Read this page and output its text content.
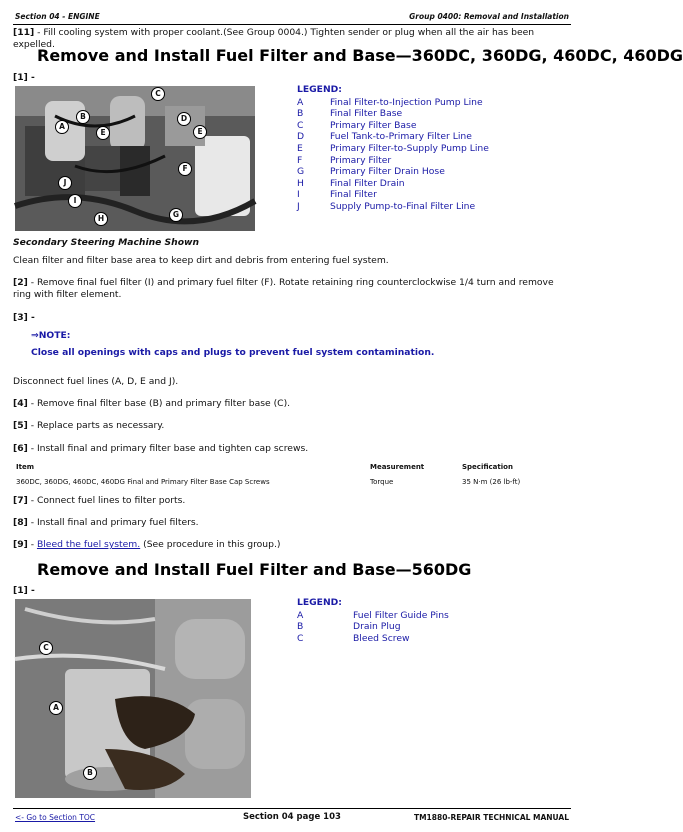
Section 04 - ENGINE	Group 0400: Removal and Installation
[11] - Fill cooling system with proper coolant.(See Group 0004.) Tighten sender or plug when all the air has been expelled.
Remove and Install Fuel Filter and Base—360DC, 360DG, 460DC, 460DG
[1] -
C
B
A
D
E	E
F
J
I
H	G
LEGEND:
A	Final Filter-to-Injection Pump Line
B	Final Filter Base
C	Primary Filter Base
D	Fuel Tank-to-Primary Filter Line
E	Primary Filter-to-Supply Pump Line
F	Primary Filter
G	Primary Filter Drain Hose
H	Final Filter Drain
I	Final Filter
J	Supply Pump-to-Final Filter Line
Secondary Steering Machine Shown
Clean filter and filter base area to keep dirt and debris from entering fuel system.
[2] - Remove final fuel filter (I) and primary fuel filter (F). Rotate retaining ring counterclockwise 1/4 turn and remove ring with filter element.
[3] -
⇒NOTE:
Close all openings with caps and plugs to prevent fuel system contamination.
Disconnect fuel lines (A, D, E and J).
[4] - Remove final filter base (B) and primary filter base (C).
[5] - Replace parts as necessary.
[6] - Install final and primary filter base and tighten cap screws.
Item	Measurement	Specification
360DC, 360DG, 460DC, 460DG Final and Primary Filter Base Cap Screws	Torque	35 N·m (26 lb-ft)
[7] - Connect fuel lines to filter ports.
[8] - Install final and primary fuel filters.
[9] - Bleed the fuel system. (See procedure in this group.)
Remove and Install Fuel Filter and Base—560DG
[1] -
C
A
B
LEGEND:
A	Fuel Filter Guide Pins
B	Drain Plug
C	Bleed Screw
<- Go to Section TOC	Section 04 page 103	TM1880-REPAIR TECHNICAL MANUAL
